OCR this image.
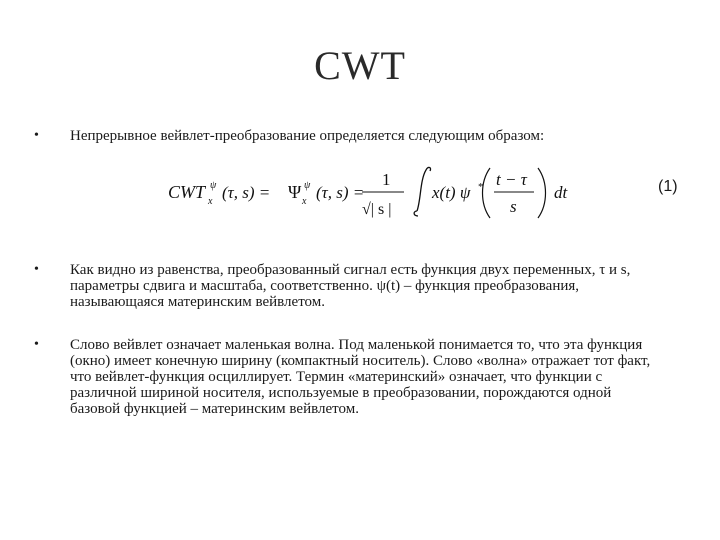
CWT
• Непрерывное вейвлет-преобразование определяется следующим образом:
CWT x
ψ (τ, s) = Ψ x
ψ (τ, s) =
1
√| s |
x(t) ψ * t − τ
s
dt	(1)
• Как видно из равенства, преобразованный сигнал есть функция двух переменных, τ и s, параметры сдвига и масштаба, соответственно. ψ(t) – функция преобразования, называющаяся материнским вейвлетом.
• Слово вейвлет означает маленькая волна. Под маленькой понимается то, что эта функция (окно) имеет конечную ширину (компактный носитель). Слово «волна» отражает тот факт, что вейвлет-функция осциллирует. Термин «материнский» означает, что функции с различной шириной носителя, используемые в преобразовании, порождаются одной базовой функцией – материнским вейвлетом.
